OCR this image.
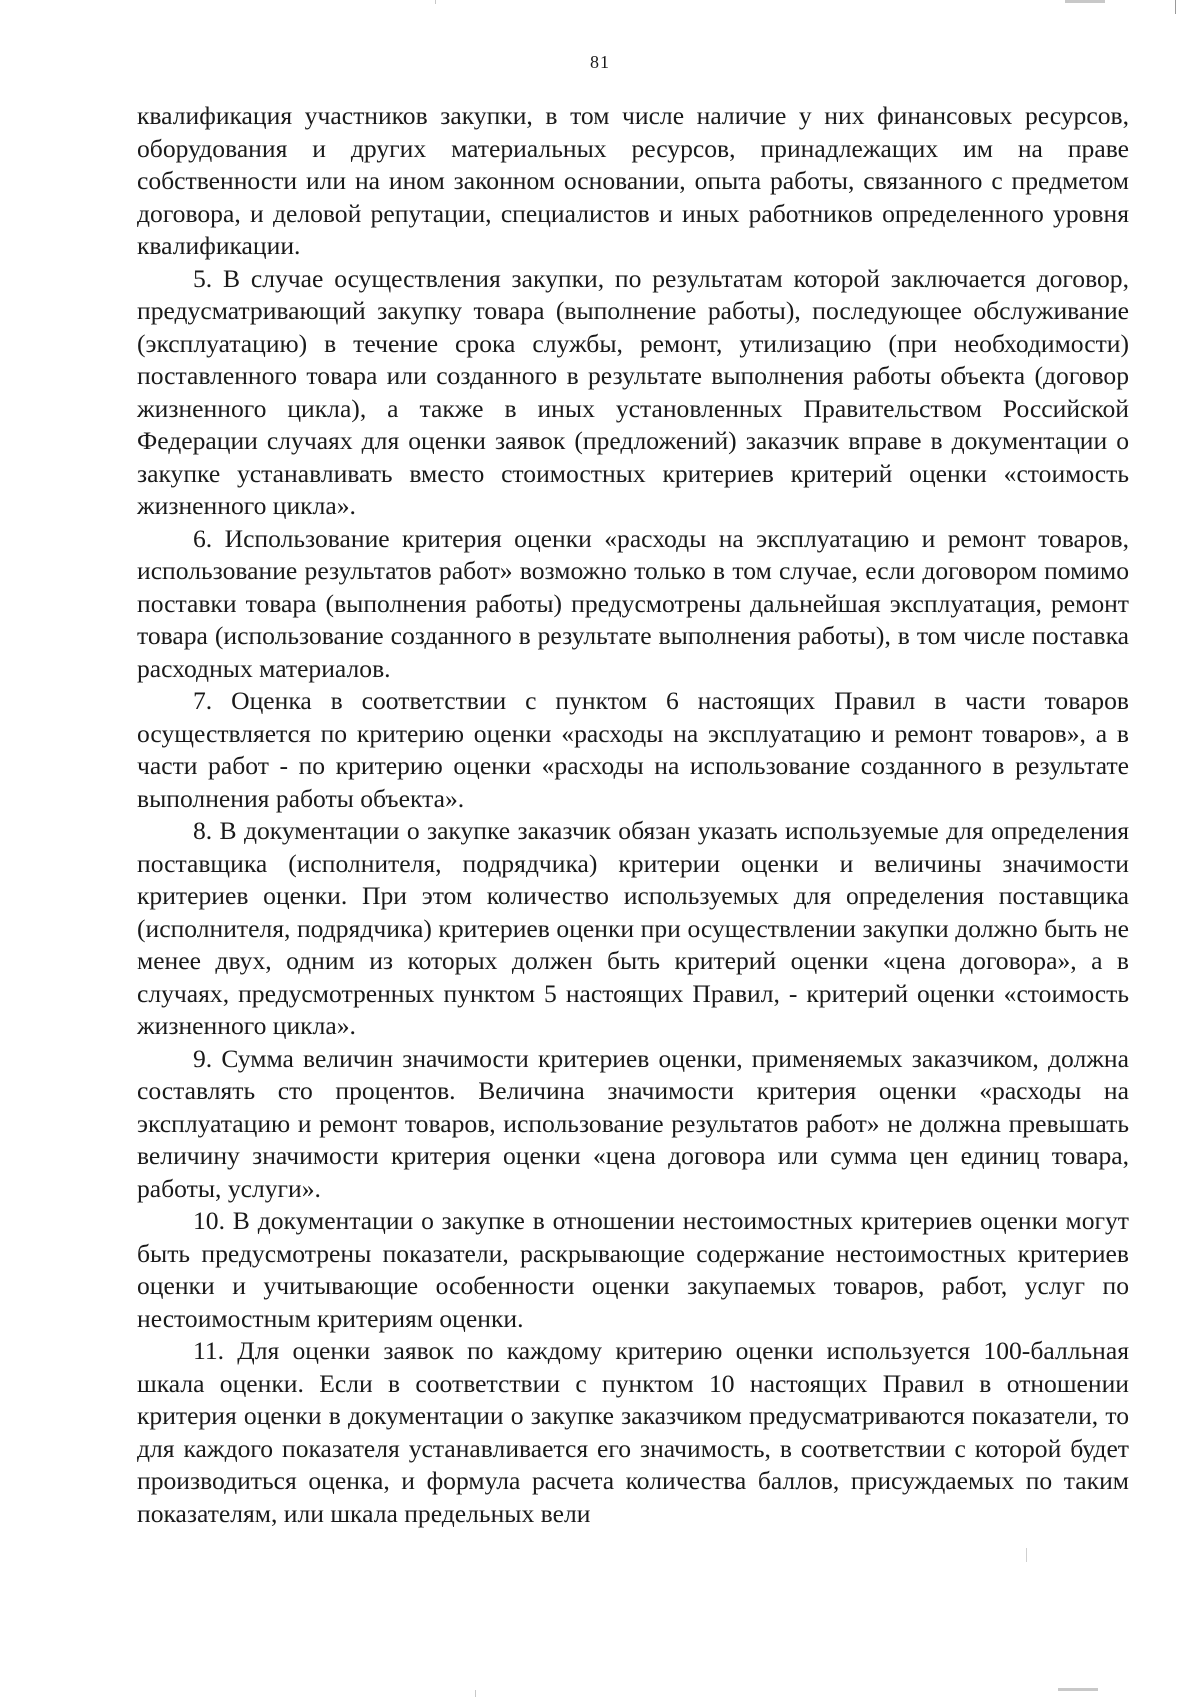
81

квалификация участников закупки, в том числе наличие у них финансовых ресурсов, оборудования и других материальных ресурсов, принадлежащих им на праве собственности или на ином законном основании, опыта работы, связанного с предметом договора, и деловой репутации, специалистов и иных работников определенного уровня квалификации.

5. В случае осуществления закупки, по результатам которой заключается договор, предусматривающий закупку товара (выполнение работы), последующее обслуживание (эксплуатацию) в течение срока службы, ремонт, утилизацию (при необходимости) поставленного товара или созданного в результате выполнения работы объекта (договор жизненного цикла), а также в иных установленных Правительством Российской Федерации случаях для оценки заявок (предложений) заказчик вправе в документации о закупке устанавливать вместо стоимостных критериев критерий оценки «стоимость жизненного цикла».

6. Использование критерия оценки «расходы на эксплуатацию и ремонт товаров, использование результатов работ» возможно только в том случае, если договором помимо поставки товара (выполнения работы) предусмотрены дальнейшая эксплуатация, ремонт товара (использование созданного в результате выполнения работы), в том числе поставка расходных материалов.

7. Оценка в соответствии с пунктом 6 настоящих Правил в части товаров осуществляется по критерию оценки «расходы на эксплуатацию и ремонт товаров», а в части работ - по критерию оценки «расходы на использование созданного в результате выполнения работы объекта».

8. В документации о закупке заказчик обязан указать используемые для определения поставщика (исполнителя, подрядчика) критерии оценки и величины значимости критериев оценки. При этом количество используемых для определения поставщика (исполнителя, подрядчика) критериев оценки при осуществлении закупки должно быть не менее двух, одним из которых должен быть критерий оценки «цена договора», а в случаях, предусмотренных пунктом 5 настоящих Правил, - критерий оценки «стоимость жизненного цикла».

9. Сумма величин значимости критериев оценки, применяемых заказчиком, должна составлять сто процентов. Величина значимости критерия оценки «расходы на эксплуатацию и ремонт товаров, использование результатов работ» не должна превышать величину значимости критерия оценки «цена договора или сумма цен единиц товара, работы, услуги».

10. В документации о закупке в отношении нестоимостных критериев оценки могут быть предусмотрены показатели, раскрывающие содержание нестоимостных критериев оценки и учитывающие особенности оценки закупаемых товаров, работ, услуг по нестоимостным критериям оценки.

11. Для оценки заявок по каждому критерию оценки используется 100-балльная шкала оценки. Если в соответствии с пунктом 10 настоящих Правил в отношении критерия оценки в документации о закупке заказчиком предусматриваются показатели, то для каждого показателя устанавливается его значимость, в соответствии с которой будет производиться оценка, и формула расчета количества баллов, присуждаемых по таким показателям, или шкала предельных вели
